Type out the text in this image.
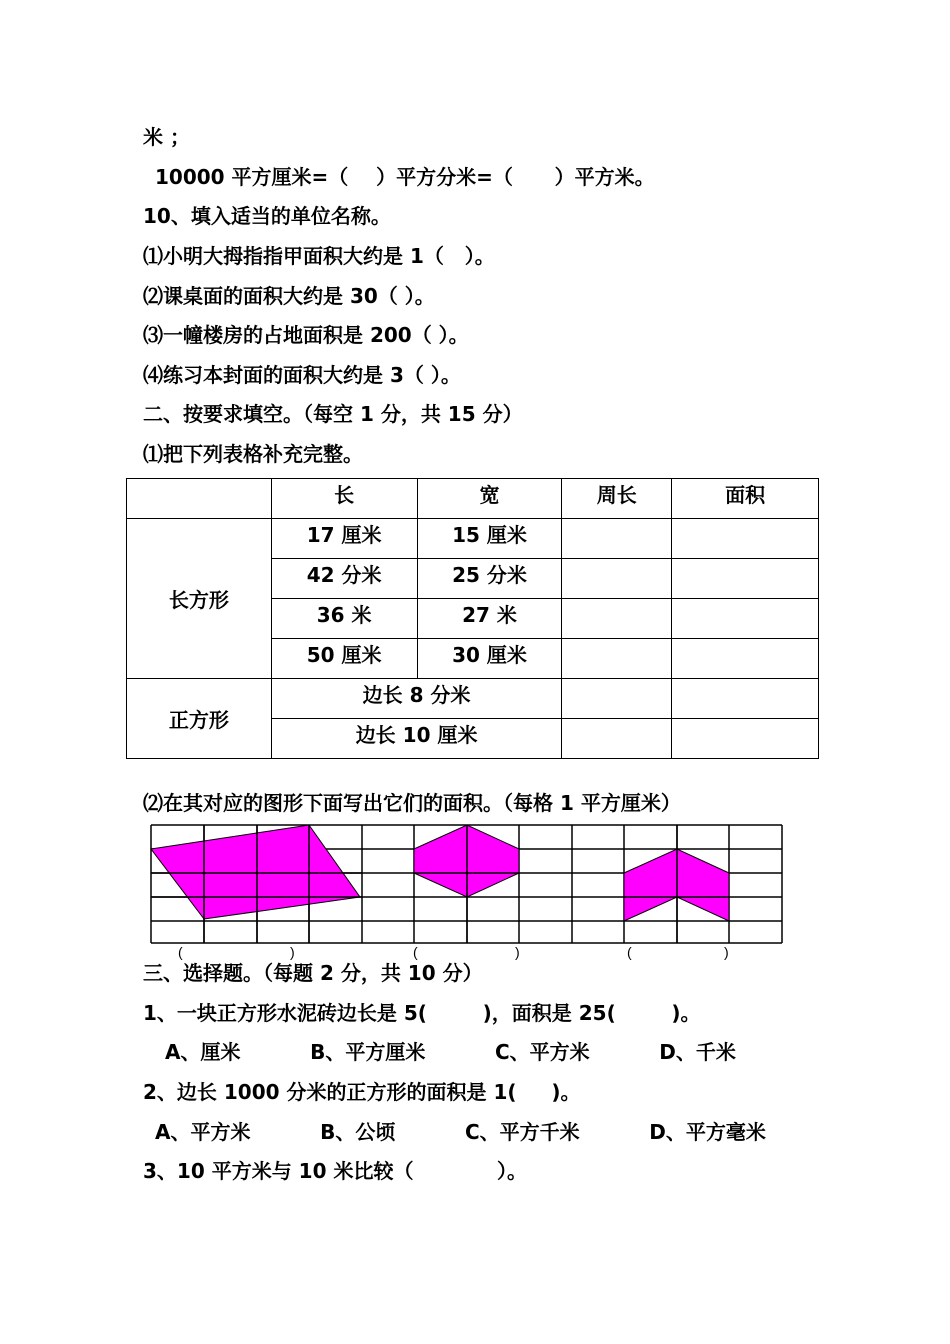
米 ；
10000 平方厘米=（    ）平方分米=（      ）平方米。
10、填入适当的单位名称。
⑴小明大拇指指甲面积大约是 1（   ）。
⑵课桌面的面积大约是 30（ ）。
⑶一幢楼房的占地面积是 200（ ）。
⑷练习本封面的面积大约是 3（ ）。
二、按要求填空。（每空 1 分，共 15 分）
⑴把下列表格补充完整。
	长	宽	周长	面积
长方形	17 厘米	15 厘米		
	42 分米	25 分米		
	36 米	27 米		
	50 厘米	30 厘米		
正方形	边长 8 分米			
	边长 10 厘米			
⑵在其对应的图形下面写出它们的面积。（每格 1 平方厘米）
(	)	(	)	(	)
三、选择题。（每题 2 分，共 10 分）
1、一块正方形水泥砖边长是 5(        )，面积是 25(        )。
A、厘米          B、平方厘米          C、平方米          D、千米
2、边长 1000 分米的正方形的面积是 1(     )。
A、平方米          B、公顷          C、平方千米          D、平方毫米
3、10 平方米与 10 米比较（            ）。
